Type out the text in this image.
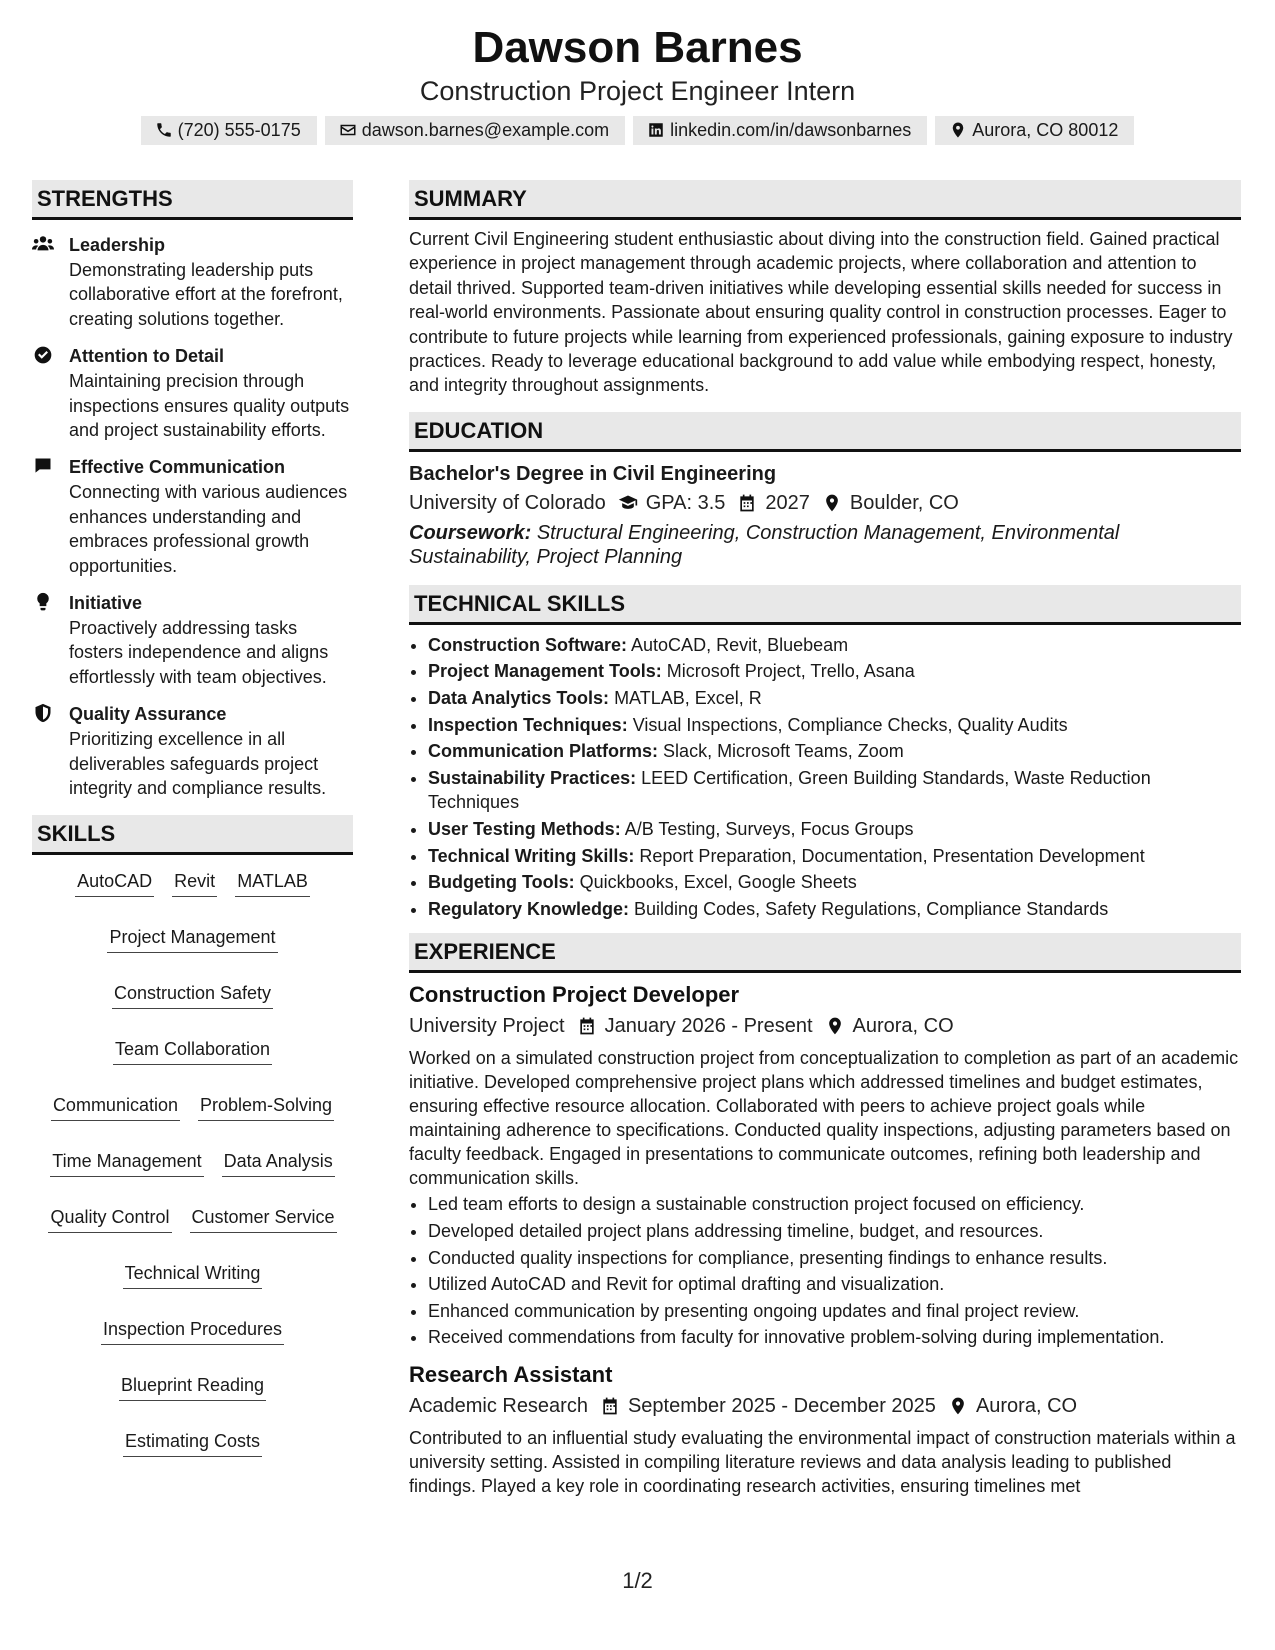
Dawson Barnes
Construction Project Engineer Intern
(720) 555-0175	dawson.barnes@example.com	linkedin.com/in/dawsonbarnes	Aurora, CO 80012
STRENGTHS
Leadership
Demonstrating leadership puts collaborative effort at the forefront, creating solutions together.
Attention to Detail
Maintaining precision through inspections ensures quality outputs and project sustainability efforts.
Effective Communication
Connecting with various audiences enhances understanding and embraces professional growth opportunities.
Initiative
Proactively addressing tasks fosters independence and aligns effortlessly with team objectives.
Quality Assurance
Prioritizing excellence in all deliverables safeguards project integrity and compliance results.
SKILLS
AutoCAD Revit MATLAB
Project Management
Construction Safety
Team Collaboration
Communication Problem-Solving
Time Management Data Analysis
Quality Control Customer Service
Technical Writing
Inspection Procedures
Blueprint Reading
Estimating Costs
SUMMARY
Current Civil Engineering student enthusiastic about diving into the construction field. Gained practical experience in project management through academic projects, where collaboration and attention to detail thrived. Supported team-driven initiatives while developing essential skills needed for success in real-world environments. Passionate about ensuring quality control in construction processes. Eager to contribute to future projects while learning from experienced professionals, gaining exposure to industry practices. Ready to leverage educational background to add value while embodying respect, honesty, and integrity throughout assignments.
EDUCATION
Bachelor's Degree in Civil Engineering
University of Colorado GPA: 3.5 2027 Boulder, CO
Coursework: Structural Engineering, Construction Management, Environmental Sustainability, Project Planning
TECHNICAL SKILLS
• Construction Software: AutoCAD, Revit, Bluebeam
• Project Management Tools: Microsoft Project, Trello, Asana
• Data Analytics Tools: MATLAB, Excel, R
• Inspection Techniques: Visual Inspections, Compliance Checks, Quality Audits
• Communication Platforms: Slack, Microsoft Teams, Zoom
• Sustainability Practices: LEED Certification, Green Building Standards, Waste Reduction Techniques
• User Testing Methods: A/B Testing, Surveys, Focus Groups
• Technical Writing Skills: Report Preparation, Documentation, Presentation Development
• Budgeting Tools: Quickbooks, Excel, Google Sheets
• Regulatory Knowledge: Building Codes, Safety Regulations, Compliance Standards
EXPERIENCE
Construction Project Developer
University Project January 2026 - Present Aurora, CO
Worked on a simulated construction project from conceptualization to completion as part of an academic initiative. Developed comprehensive project plans which addressed timelines and budget estimates, ensuring effective resource allocation. Collaborated with peers to achieve project goals while maintaining adherence to specifications. Conducted quality inspections, adjusting parameters based on faculty feedback. Engaged in presentations to communicate outcomes, refining both leadership and communication skills.
• Led team efforts to design a sustainable construction project focused on efficiency.
• Developed detailed project plans addressing timeline, budget, and resources.
• Conducted quality inspections for compliance, presenting findings to enhance results.
• Utilized AutoCAD and Revit for optimal drafting and visualization.
• Enhanced communication by presenting ongoing updates and final project review.
• Received commendations from faculty for innovative problem-solving during implementation.
Research Assistant
Academic Research September 2025 - December 2025 Aurora, CO
Contributed to an influential study evaluating the environmental impact of construction materials within a university setting. Assisted in compiling literature reviews and data analysis leading to published findings. Played a key role in coordinating research activities, ensuring timelines met
1/2
